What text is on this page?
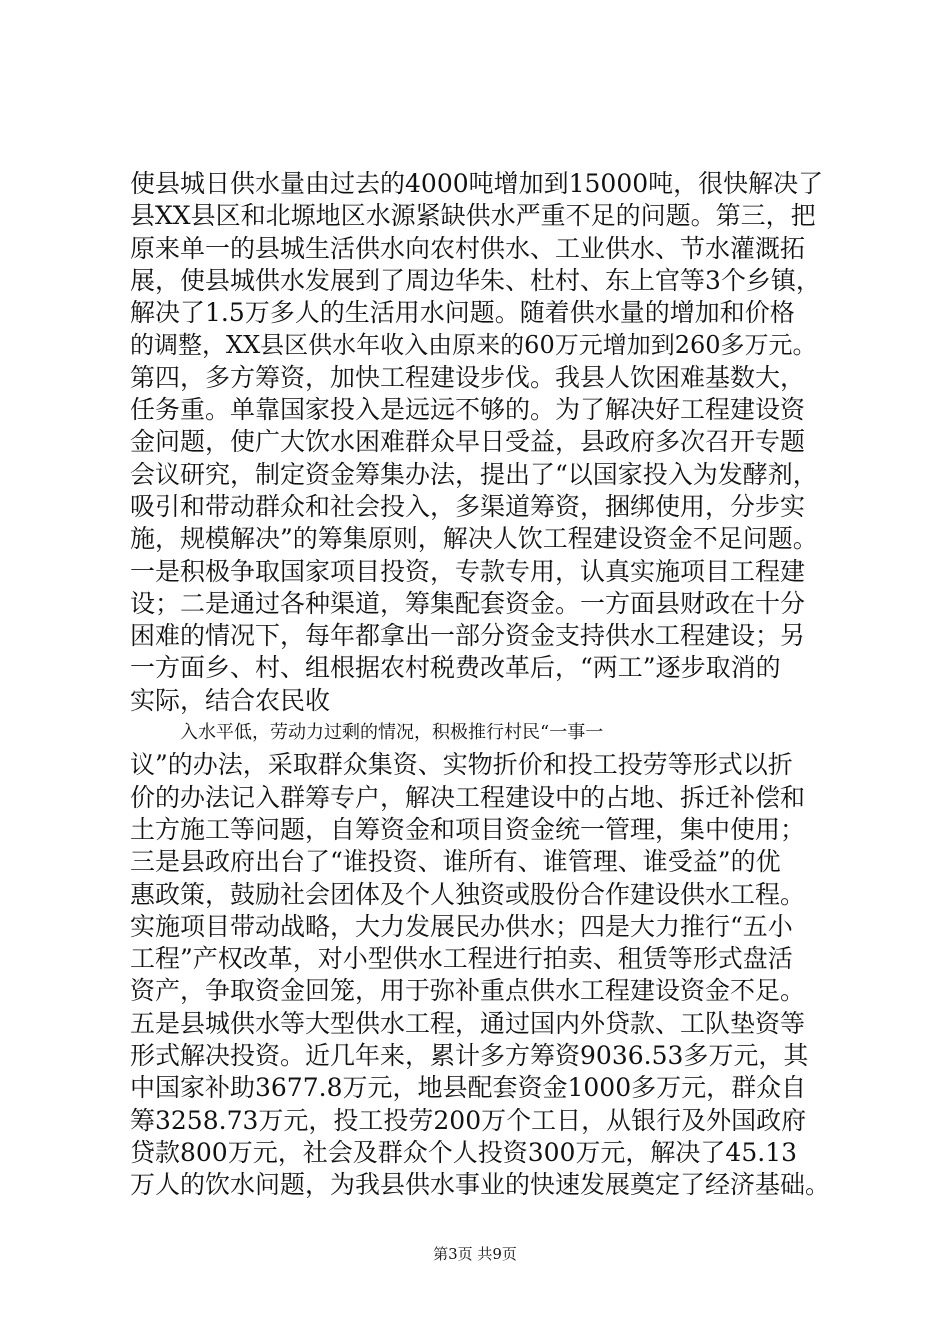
使县城日供水量由过去的4000吨增加到15000吨，很快解决了
县XX县区和北塬地区水源紧缺供水严重不足的问题。第三，把
原来单一的县城生活供水向农村供水、工业供水、节水灌溉拓
展，使县城供水发展到了周边华朱、杜村、东上官等3个乡镇，
解决了1.5万多人的生活用水问题。随着供水量的增加和价格
的调整，XX县区供水年收入由原来的60万元增加到260多万元。
第四，多方筹资，加快工程建设步伐。我县人饮困难基数大，
任务重。单靠国家投入是远远不够的。为了解决好工程建设资
金问题，使广大饮水困难群众早日受益，县政府多次召开专题
会议研究，制定资金筹集办法，提出了“以国家投入为发酵剂，
吸引和带动群众和社会投入，多渠道筹资，捆绑使用，分步实
施，规模解决”的筹集原则，解决人饮工程建设资金不足问题。
一是积极争取国家项目投资，专款专用，认真实施项目工程建
设；二是通过各种渠道，筹集配套资金。一方面县财政在十分
困难的情况下，每年都拿出一部分资金支持供水工程建设；另
一方面乡、村、组根据农村税费改革后，“两工”逐步取消的
实际，结合农民收
入水平低，劳动力过剩的情况，积极推行村民“一事一
议”的办法，采取群众集资、实物折价和投工投劳等形式以折
价的办法记入群筹专户，解决工程建设中的占地、拆迁补偿和
土方施工等问题，自筹资金和项目资金统一管理，集中使用；
三是县政府出台了“谁投资、谁所有、谁管理、谁受益”的优
惠政策，鼓励社会团体及个人独资或股份合作建设供水工程。
实施项目带动战略，大力发展民办供水；四是大力推行“五小
工程”产权改革，对小型供水工程进行拍卖、租赁等形式盘活
资产，争取资金回笼，用于弥补重点供水工程建设资金不足。
五是县城供水等大型供水工程，通过国内外贷款、工队垫资等
形式解决投资。近几年来，累计多方筹资9036.53多万元，其
中国家补助3677.8万元，地县配套资金1000多万元，群众自
筹3258.73万元，投工投劳200万个工日，从银行及外国政府
贷款800万元，社会及群众个人投资300万元，解决了45.13
万人的饮水问题，为我县供水事业的快速发展奠定了经济基础。
第3页 共9页
